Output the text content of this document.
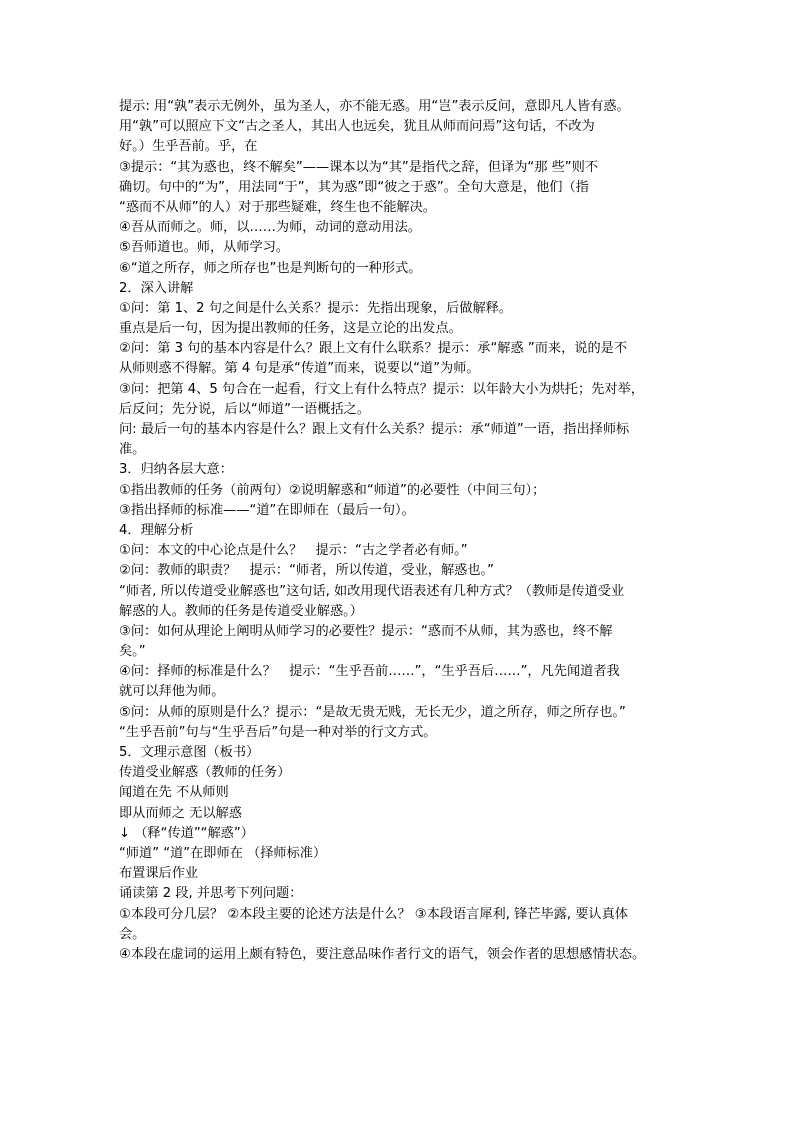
提示: 用“孰”表示无例外，虽为圣人，亦不能无惑。用“岂”表示反问，意即凡人皆有惑。
用“孰”可以照应下文“古之圣人，其出人也远矣，犹且从师而问焉”这句话，不改为
好。）生乎吾前。乎，在
③提示：“其为惑也，终不解矣”——课本以为“其”是指代之辞，但译为“那 些”则不
确切。句中的“为”，用法同“于”，其为惑”即“彼之于惑”。全句大意是，他们（指
“惑而不从师”的人）对于那些疑难，终生也不能解决。
④吾从而师之。师，以……为师，动词的意动用法。
⑤吾师道也。师，从师学习。
⑥“道之所存，师之所存也”也是判断句的一种形式。
2．深入讲解
①问：第 1、2 句之间是什么关系？提示：先指出现象，后做解释。
重点是后一句，因为提出教师的任务，这是立论的出发点。
②问：第 3 句的基本内容是什么？跟上文有什么联系？提示：承“解惑 ”而来，说的是不
从师则惑不得解。第 4 句是承“传道”而来，说要以“道”为师。
③问：把第 4、5 句合在一起看，行文上有什么特点？提示：以年龄大小为烘托；先对举，
后反问；先分说，后以“师道”一语概括之。
问: 最后一句的基本内容是什么？跟上文有什么关系？提示：承“师道”一语，指出择师标
准。
3．归纳各层大意：
①指出教师的任务（前两句）②说明解惑和“师道”的必要性（中间三句）；
③指出择师的标准——“道”在即师在（最后一句）。
4．理解分析
①问：本文的中心论点是什么？　提示：“古之学者必有师。”
②问：教师的职责？　提示：“师者，所以传道，受业，解惑也。”
“师者, 所以传道受业解惑也”这句话, 如改用现代语表述有几种方式？（教师是传道受业
解惑的人。教师的任务是传道受业解惑。）
③问：如何从理论上阐明从师学习的必要性？提示：“惑而不从师，其为惑也，终不解
矣。”
④问：择师的标准是什么？　提示：“生乎吾前……”，“生乎吾后……”，凡先闻道者我
就可以拜他为师。
⑤问：从师的原则是什么？提示：“是故无贵无贱，无长无少，道之所存，师之所存也。”
“生乎吾前”句与“生乎吾后”句是一种对举的行文方式。
5．文理示意图（板书）
传道受业解惑（教师的任务）
闻道在先 不从师则
即从而师之 无以解惑
↓ （释“传道”“解惑”）
“师道” “道”在即师在 （择师标准）
布置课后作业
诵读第 2 段, 并思考下列问题：
①本段可分几层？ ②本段主要的论述方法是什么？ ③本段语言犀利, 锋芒毕露, 要认真体
会。
④本段在虚词的运用上颇有特色，要注意品味作者行文的语气，领会作者的思想感情状态。
